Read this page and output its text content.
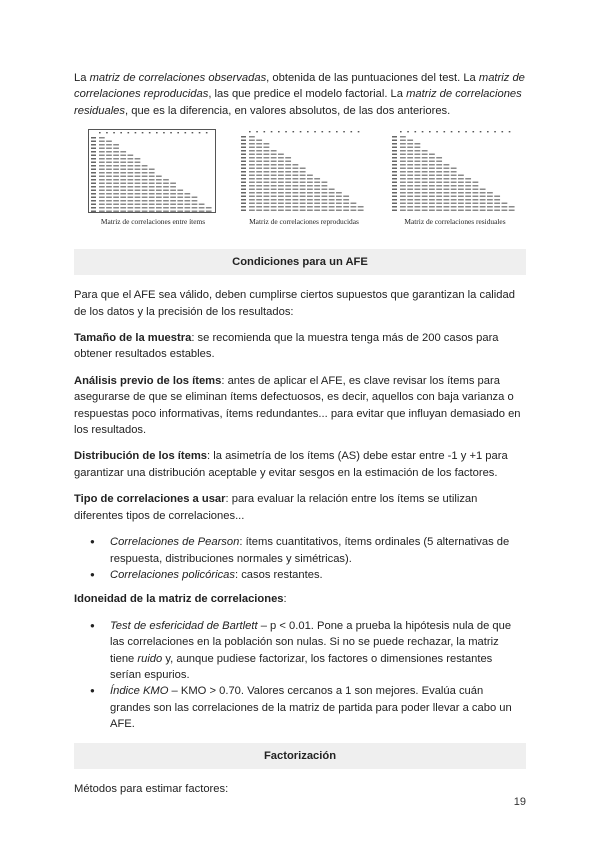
La matriz de correlaciones observadas, obtenida de las puntuaciones del test. La matriz de correlaciones reproducidas, las que predice el modelo factorial. La matriz de correlaciones residuales, que es la diferencia, en valores absolutos, de las dos anteriores.

Matriz de correlaciones entre ítems	Matriz de correlaciones reproducidas	Matriz de correlaciones residuales
Condiciones para un AFE

Para que el AFE sea válido, deben cumplirse ciertos supuestos que garantizan la calidad de los datos y la precisión de los resultados:

Tamaño de la muestra: se recomienda que la muestra tenga más de 200 casos para obtener resultados estables.

Análisis previo de los ítems: antes de aplicar el AFE, es clave revisar los ítems para asegurarse de que se eliminan ítems defectuosos, es decir, aquellos con baja varianza o respuestas poco informativas, ítems redundantes... para evitar que influyan demasiado en los resultados.

Distribución de los ítems: la asimetría de los ítems (AS) debe estar entre -1 y +1 para garantizar una distribución aceptable y evitar sesgos en la estimación de los factores.

Tipo de correlaciones a usar: para evaluar la relación entre los ítems se utilizan diferentes tipos de correlaciones...

● Correlaciones de Pearson: ítems cuantitativos, ítems ordinales (5 alternativas de respuesta, distribuciones normales y simétricas).
● Correlaciones policóricas: casos restantes.

Idoneidad de la matriz de correlaciones:

● Test de esfericidad de Bartlett – p < 0.01. Pone a prueba la hipótesis nula de que las correlaciones en la población son nulas. Si no se puede rechazar, la matriz tiene ruido y, aunque pudiese factorizar, los factores o dimensiones restantes serían espurios.
● Índice KMO – KMO > 0.70. Valores cercanos a 1 son mejores. Evalúa cuán grandes son las correlaciones de la matriz de partida para poder llevar a cabo un AFE.
Factorización

Métodos para estimar factores:

19
